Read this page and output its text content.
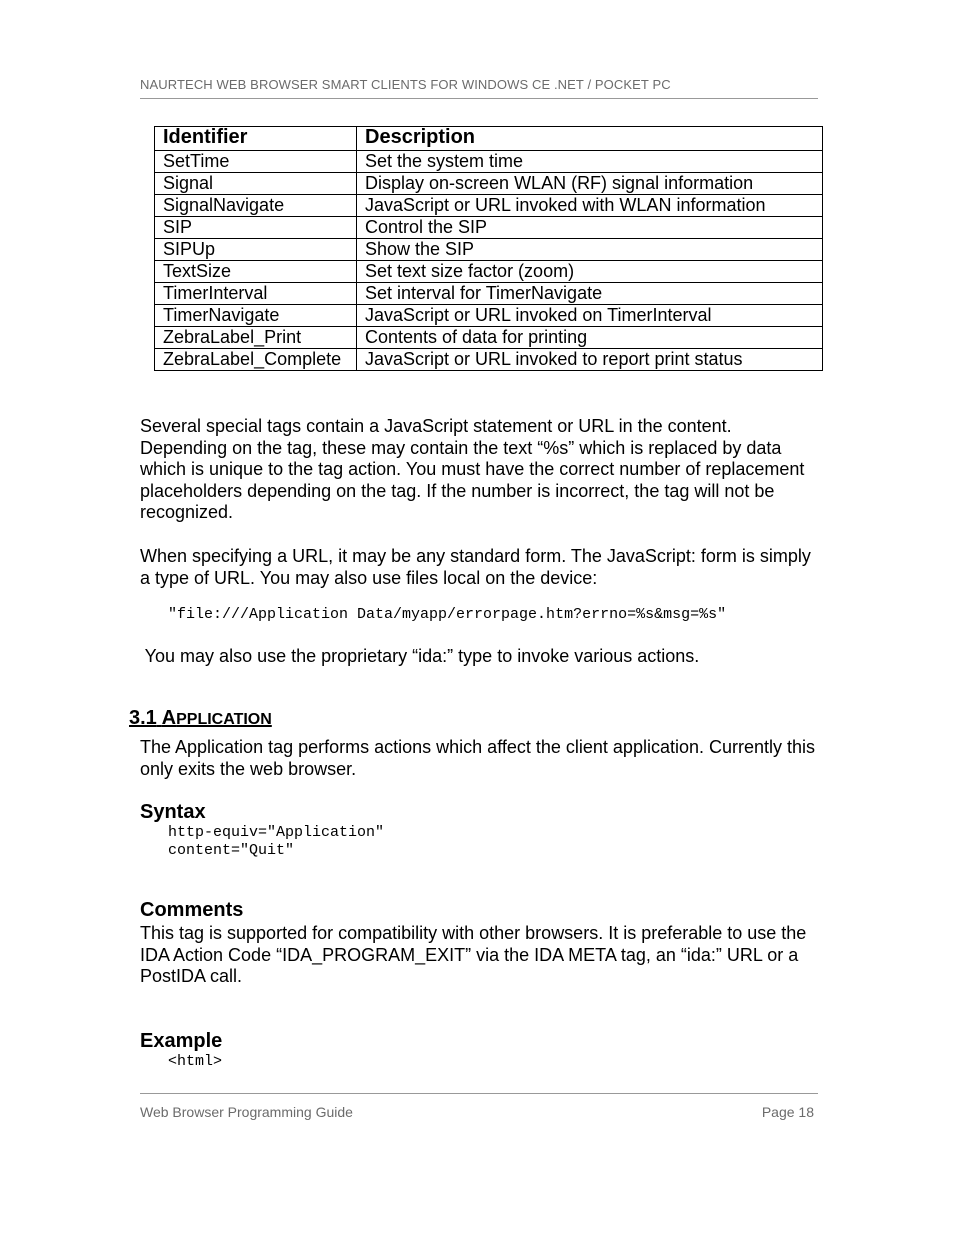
NAURTECH WEB BROWSER SMART CLIENTS FOR WINDOWS CE .NET / POCKET PC
Identifier	Description
SetTime	Set the system time
Signal	Display on-screen WLAN (RF) signal information
SignalNavigate	JavaScript or URL invoked with WLAN information
SIP	Control the SIP
SIPUp	Show the SIP
TextSize	Set text size factor (zoom)
TimerInterval	Set interval for TimerNavigate
TimerNavigate	JavaScript or URL invoked on TimerInterval
ZebraLabel_Print	Contents of data for printing
ZebraLabel_Complete	JavaScript or URL invoked to report print status

Several special tags contain a JavaScript statement or URL in the content. Depending on the tag, these may contain the text “%s” which is replaced by data which is unique to the tag action. You must have the correct number of replacement placeholders depending on the tag. If the number is incorrect, the tag will not be recognized.

When specifying a URL, it may be any standard form. The JavaScript: form is simply a type of URL. You may also use files local on the device:

"file:///Application Data/myapp/errorpage.htm?errno=%s&msg=%s"

You may also use the proprietary “ida:” type to invoke various actions.

3.1 APPLICATION

The Application tag performs actions which affect the client application. Currently this only exits the web browser.

Syntax
http-equiv="Application"
content="Quit"
Comments

This tag is supported for compatibility with other browsers. It is preferable to use the IDA Action Code “IDA_PROGRAM_EXIT” via the IDA META tag, an “ida:” URL or a PostIDA call.

Example
<html>
Web Browser Programming Guide	Page 18
